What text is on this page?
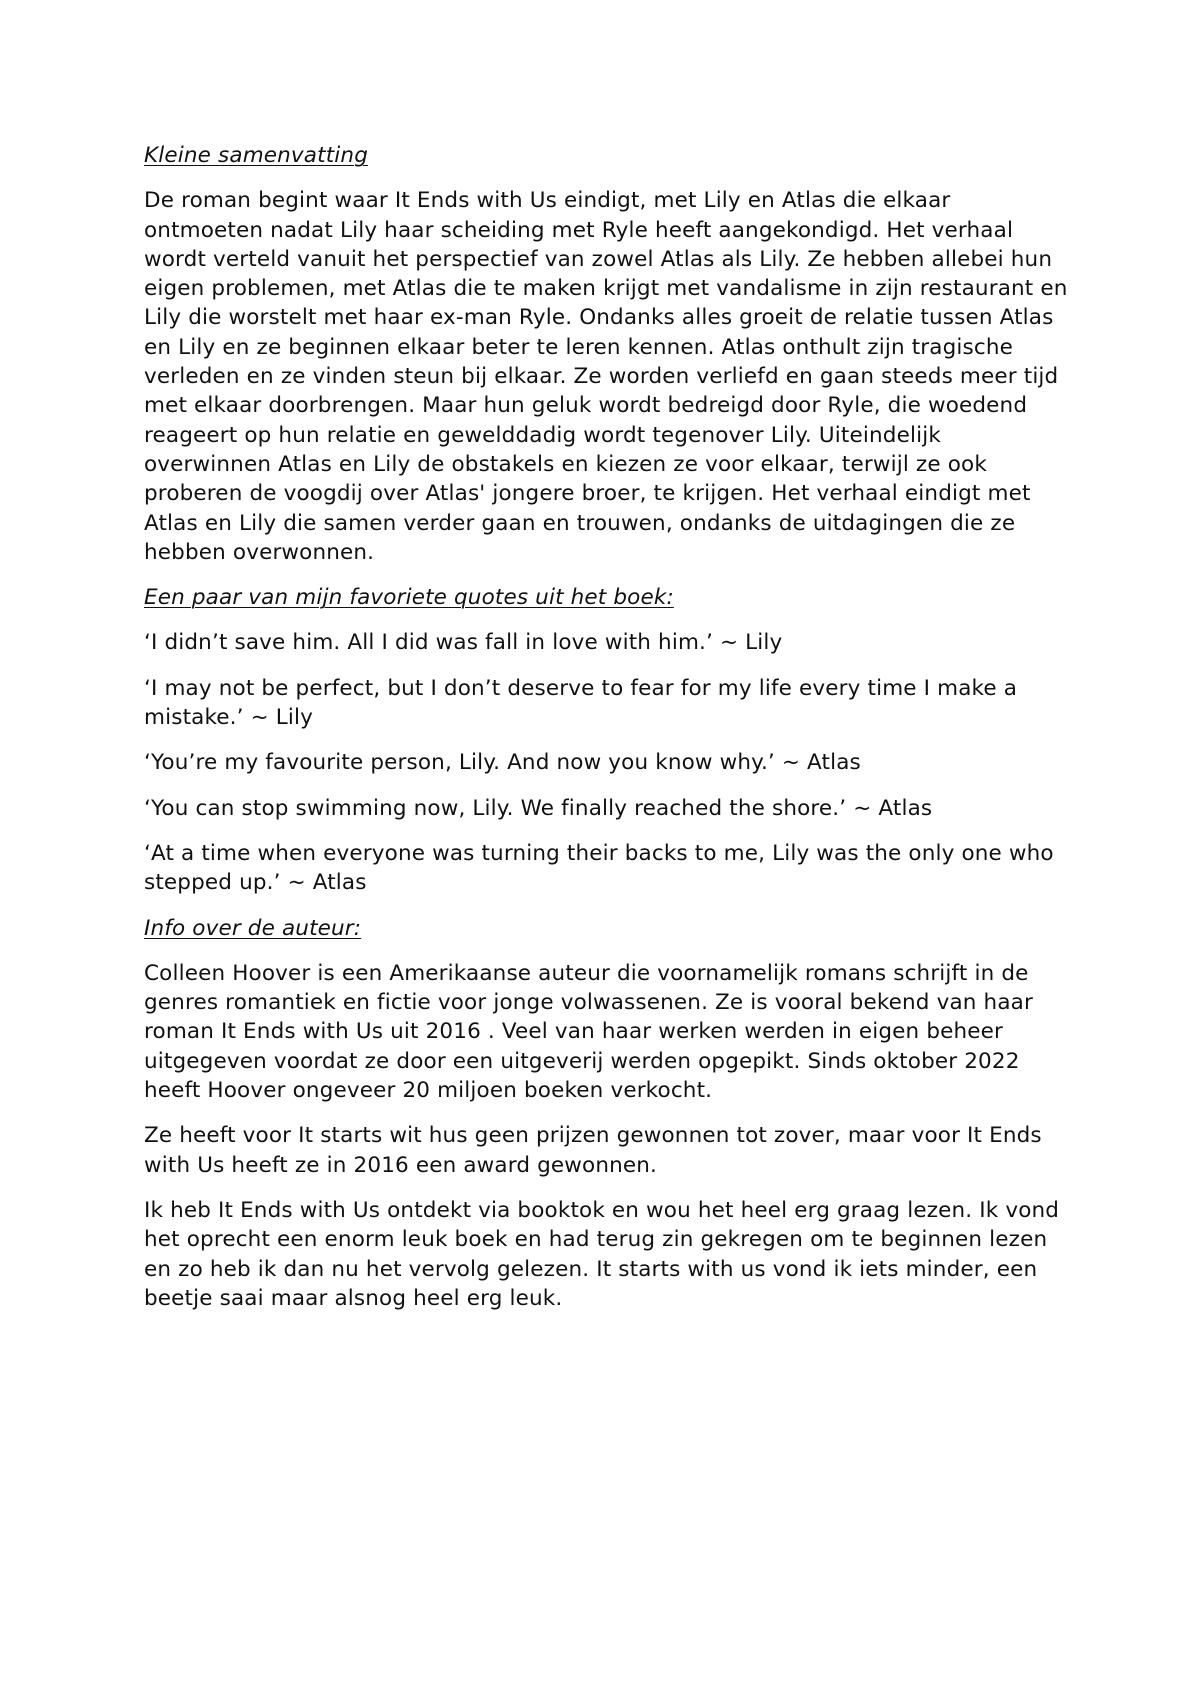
Kleine samenvatting

De roman begint waar It Ends with Us eindigt, met Lily en Atlas die elkaar ontmoeten nadat Lily haar scheiding met Ryle heeft aangekondigd. Het verhaal wordt verteld vanuit het perspectief van zowel Atlas als Lily. Ze hebben allebei hun eigen problemen, met Atlas die te maken krijgt met vandalisme in zijn restaurant en Lily die worstelt met haar ex-man Ryle. Ondanks alles groeit de relatie tussen Atlas en Lily en ze beginnen elkaar beter te leren kennen. Atlas onthult zijn tragische verleden en ze vinden steun bij elkaar. Ze worden verliefd en gaan steeds meer tijd met elkaar doorbrengen. Maar hun geluk wordt bedreigd door Ryle, die woedend reageert op hun relatie en gewelddadig wordt tegenover Lily. Uiteindelijk overwinnen Atlas en Lily de obstakels en kiezen ze voor elkaar, terwijl ze ook proberen de voogdij over Atlas' jongere broer, te krijgen. Het verhaal eindigt met Atlas en Lily die samen verder gaan en trouwen, ondanks de uitdagingen die ze hebben overwonnen.

Een paar van mijn favoriete quotes uit het boek:

‘I didn’t save him. All I did was fall in love with him.’ ~ Lily

‘I may not be perfect, but I don’t deserve to fear for my life every time I make a mistake.’ ~ Lily

‘You’re my favourite person, Lily. And now you know why.’ ~ Atlas

‘You can stop swimming now, Lily. We finally reached the shore.’ ~ Atlas

‘At a time when everyone was turning their backs to me, Lily was the only one who stepped up.’ ~ Atlas

Info over de auteur:

Colleen Hoover is een Amerikaanse auteur die voornamelijk romans schrijft in de genres romantiek en fictie voor jonge volwassenen. Ze is vooral bekend van haar roman It Ends with Us uit 2016 . Veel van haar werken werden in eigen beheer uitgegeven voordat ze door een uitgeverij werden opgepikt. Sinds oktober 2022 heeft Hoover ongeveer 20 miljoen boeken verkocht.

Ze heeft voor It starts wit hus geen prijzen gewonnen tot zover, maar voor It Ends with Us heeft ze in 2016 een award gewonnen.

Ik heb It Ends with Us ontdekt via booktok en wou het heel erg graag lezen. Ik vond het oprecht een enorm leuk boek en had terug zin gekregen om te beginnen lezen en zo heb ik dan nu het vervolg gelezen. It starts with us vond ik iets minder, een beetje saai maar alsnog heel erg leuk.
